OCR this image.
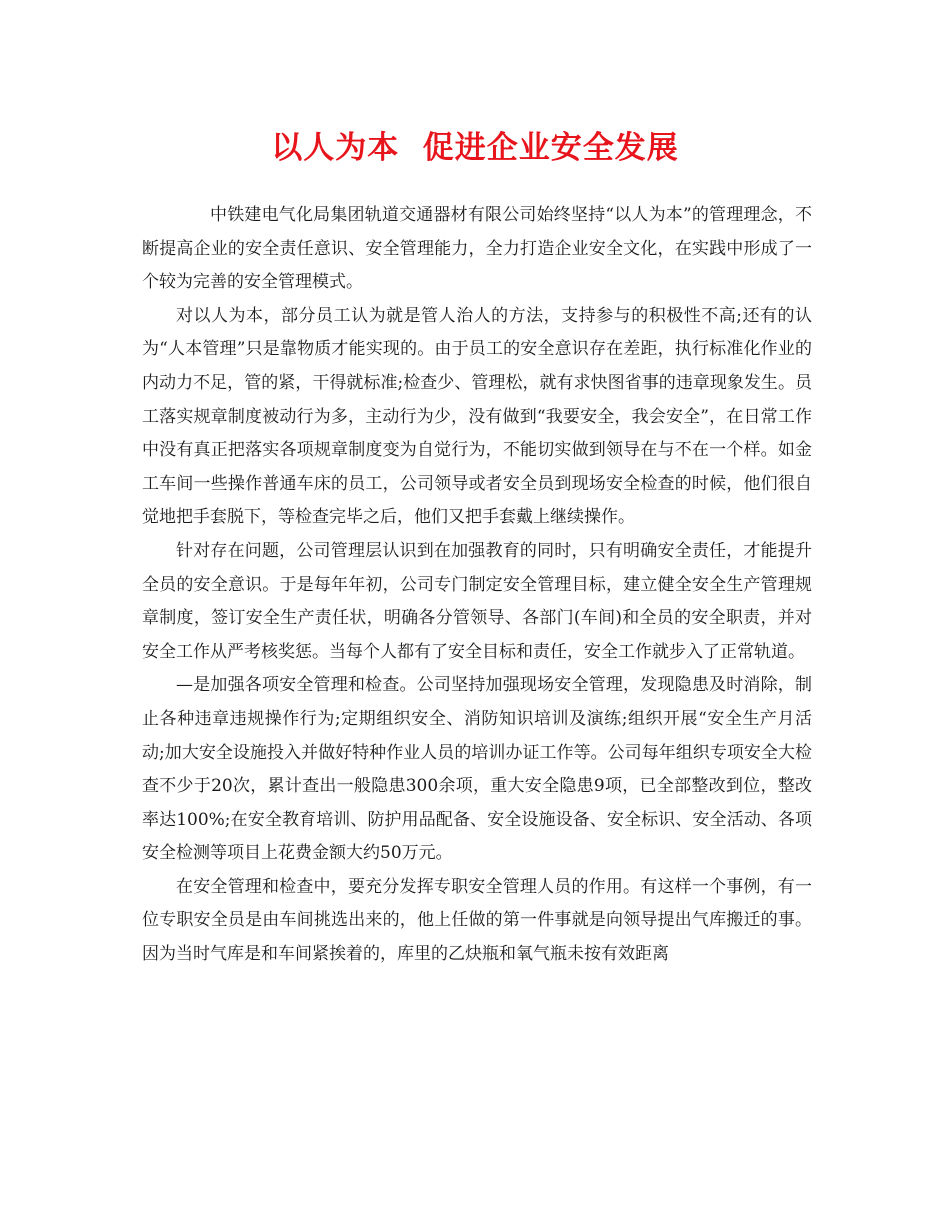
以人为本  促进企业安全发展

中铁建电气化局集团轨道交通器材有限公司始终坚持“以人为本”的管理理念，不断提高企业的安全责任意识、安全管理能力，全力打造企业安全文化，在实践中形成了一个较为完善的安全管理模式。

对以人为本，部分员工认为就是管人治人的方法，支持参与的积极性不高;还有的认为“人本管理”只是靠物质才能实现的。由于员工的安全意识存在差距，执行标准化作业的内动力不足，管的紧，干得就标准;检查少、管理松，就有求快图省事的违章现象发生。员工落实规章制度被动行为多，主动行为少，没有做到“我要安全，我会安全”，在日常工作中没有真正把落实各项规章制度变为自觉行为，不能切实做到领导在与不在一个样。如金工车间一些操作普通车床的员工，公司领导或者安全员到现场安全检查的时候，他们很自觉地把手套脱下，等检查完毕之后，他们又把手套戴上继续操作。

针对存在问题，公司管理层认识到在加强教育的同时，只有明确安全责任，才能提升全员的安全意识。于是每年年初，公司专门制定安全管理目标，建立健全安全生产管理规章制度，签订安全生产责任状，明确各分管领导、各部门(车间)和全员的安全职责，并对安全工作从严考核奖惩。当每个人都有了安全目标和责任，安全工作就步入了正常轨道。

—是加强各项安全管理和检查。公司坚持加强现场安全管理，发现隐患及时消除，制止各种违章违规操作行为;定期组织安全、消防知识培训及演练;组织开展“安全生产月活动;加大安全设施投入并做好特种作业人员的培训办证工作等。公司每年组织专项安全大检查不少于20次，累计查出一般隐患300余项，重大安全隐患9项，已全部整改到位，整改率达100%;在安全教育培训、防护用品配备、安全设施设备、安全标识、安全活动、各项安全检测等项目上花费金额大约50万元。

在安全管理和检查中，要充分发挥专职安全管理人员的作用。有这样一个事例，有一位专职安全员是由车间挑选出来的，他上任做的第一件事就是向领导提出气库搬迁的事。因为当时气库是和车间紧挨着的，库里的乙炔瓶和氧气瓶未按有效距离
